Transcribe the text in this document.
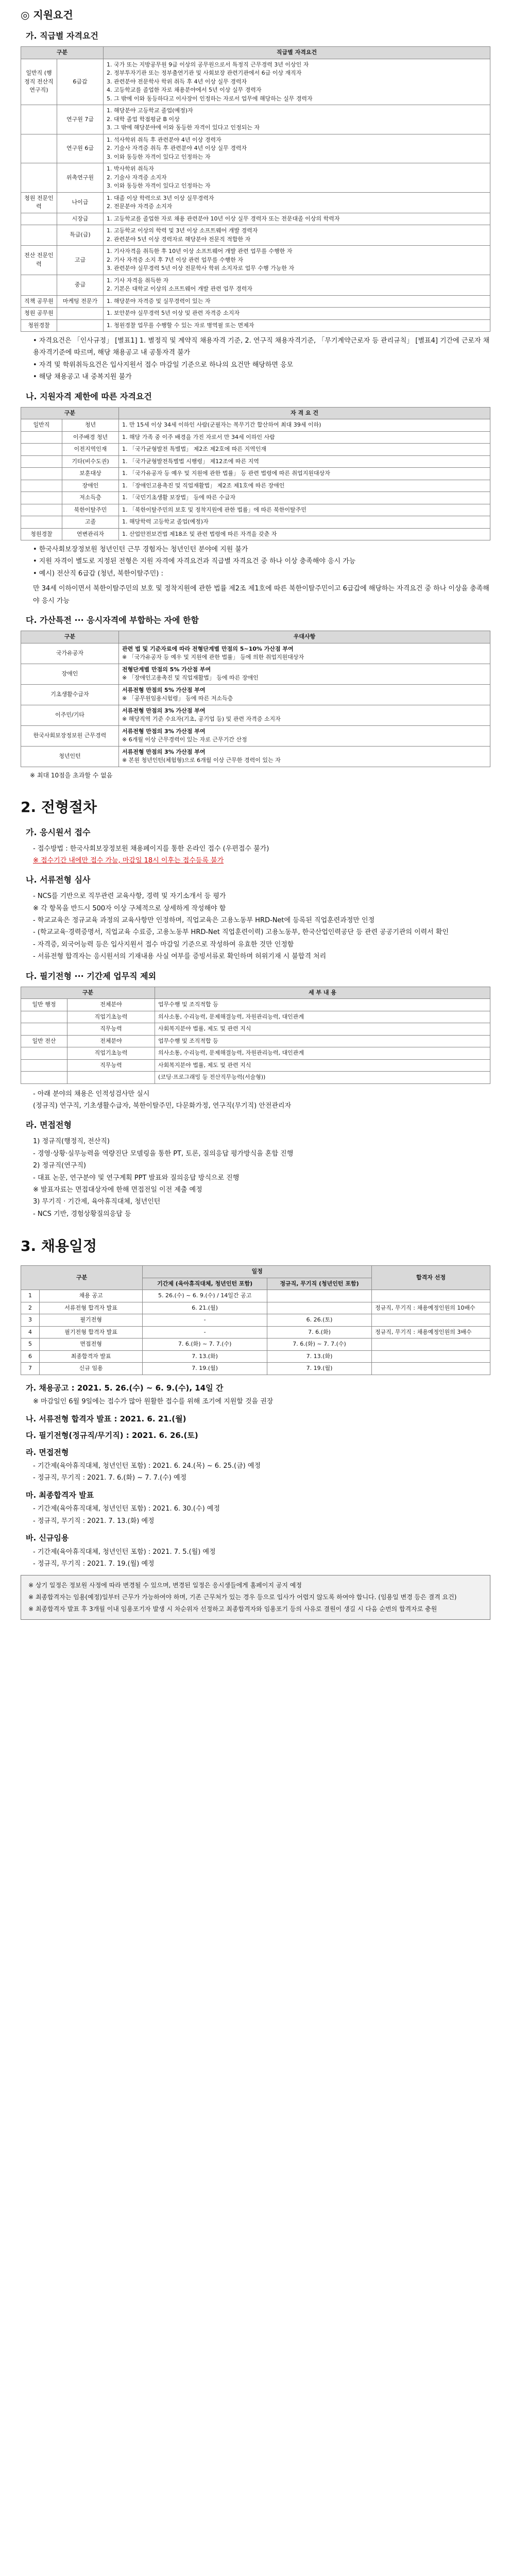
◎ 지원요건
가. 직급별 자격요건
구분		직급별 자격요건
일반직 (행정직 전산직 연구직)	6급갑	1. 국가 또는 지방공무원 9급 이상의 공무원으로서 특정직 근무경력 3년 이상인 자
2. 정부투자기관 또는 정부출연기관 및 사회보장 관련기관에서 6급 이상 재직자
3. 관련분야 전문학사 학위 취득 후 4년 이상 실무 경력자
4. 고등학교를 졸업한 자로 채용분야에서 5년 이상 실무 경력자
5. 그 밖에 이와 동등하다고 이사장이 인정하는 자로서 업무에 해당하는 실무 경력자

	연구원 7급	1. 해당분야 고등학교 졸업(예정)자
2. 대학 졸업 학점평균 B 이상
3. 그 밖에 해당분야에 이와 동등한 자격이 있다고 인정되는 자

	연구원 6급	1. 석사학위 취득 후 관련분야 4년 이상 경력자
2. 기술사 자격증 취득 후 관련분야 4년 이상 실무 경력자
3. 이와 동등한 자격이 있다고 인정하는 자

	위촉연구원	1. 박사학위 취득자
2. 기술사 자격증 소지자
3. 이와 동등한 자격이 있다고 인정하는 자

청원 전문인력	나이급	1. 대졸 이상 학력으로 3년 이상 실무경력자
2. 전문분야 자격증 소지자

	시장급	1. 고등학교를 졸업한 자로 채용 관련분야 10년 이상 실무 경력자 또는 전문대졸 이상의 학력자

	특급(급)	1. 고등학교 이상의 학력 및 3년 이상 소프트웨어 개발 경력자
2. 관련분야 5년 이상 경력자로 해당분야 전문직 적합한 자

전산 전문인력	고급	1. 기사자격을 취득한 후 10년 이상 소프트웨어 개발 관련 업무를 수행한 자
2. 기사 자격증 소지 후 7년 이상 관련 업무를 수행한 자
3. 관련분야 실무경력 5년 이상 전문학사 학위 소지자로 업무 수행 가능한 자

	중급	1. 기사 자격을 취득한 자
2. 기본은 대학교 이상의 소프트웨어 개발 관련 업무 경력자

직책 공무원	마케팅 전문가	1. 해당분야 자격증 및 실무경력이 있는 자

청원 공무원		1. 보안분야 실무경력 5년 이상 및 관련 자격증 소지자

청원경찰		1. 청원경찰 업무를 수행할 수 있는 자로 병역필 또는 면제자
• 자격요건은 「인사규정」 [별표1] 1. 별정직 및 계약직 채용자격 기준, 2. 연구직 채용자격기준, 「무기계약근로자 등 관리규칙」 [별표4] 기간에 근로자 채용자격기준에 따르며, 해당 채용공고 내 공통자격 불가
• 자격 및 학위취득요건은 입사지원서 접수 마감일 기준으로 하나의 요건만 해당하면 응모
• 해당 채용공고 내 중복지원 불가
나. 지원자격 제한에 따른 자격요건
구분		자 격 요 건
일반직	청년	1. 만 15세 이상 34세 이하인 사람(군필자는 복무기간 합산하여 최대 39세 이하)
	이주배경 청년	1. 해당 가족 중 이주 배경을 가진 자로서 만 34세 이하인 사람
	이전지역인재	1. 「국가균형발전 특별법」 제2조 제2호에 따른 지역인재
	기타(비수도권)	1. 「국가균형발전특별법 시행령」 제12조에 따른 지역
	보훈대상	1. 「국가유공자 등 예우 및 지원에 관한 법률」 등 관련 법령에 따른 취업지원대상자
	장애인	1. 「장애인고용촉진 및 직업재활법」 제2조 제1호에 따른 장애인
	저소득층	1. 「국민기초생활 보장법」 등에 따른 수급자
	북한이탈주민	1. 「북한이탈주민의 보호 및 정착지원에 관한 법률」에 따른 북한이탈주민
	고졸	1. 해당학력 고등학교 졸업(예정)자
청원경찰	연변관리자	1. 산업안전보건법 제18조 및 관련 법령에 따른 자격을 갖춘 자
• 한국사회보장정보원 청년인턴 근무 경험자는 청년인턴 분야에 지원 불가
• 지원 자격이 별도로 지정된 전형은 지원 자격에 자격요건과 직급별 자격요건 중 하나 이상 충족해야 응시 가능
• 예시) 전산직 6급갑 (청년, 북한이탈주민) :
만 34세 이하이면서 북한이탈주민의 보호 및 정착지원에 관한 법률 제2조 제1호에 따른 북한이탈주민이고 6급갑에 해당하는 자격요건 중 하나 이상을 충족해야 응시 가능
다. 가산특전 ··· 응시자격에 부합하는 자에 한함
구분	우대사항
국가유공자	관련 법 및 기준자료에 따라 전형단계별 만점의 5~10% 가산점 부여
※ 「국가유공자 등 예우 및 지원에 관한 법률」 등에 의한 취업지원대상자

장애인	전형단계별 만점의 5% 가산점 부여
※ 「장애인고용촉진 및 직업재활법」 등에 따른 장애인

기초생활수급자	서류전형 만점의 5% 가산점 부여
※ 「공무원임용시험령」 등에 따른 저소득층

이주민/기타	서류전형 만점의 3% 가산점 부여
※ 해당직역 기준 수요자(기초, 공기업 등) 및 관련 자격증 소지자

한국사회보장정보원 근무경력	서류전형 만점의 3% 가산점 부여
※ 6개월 이상 근무경력이 있는 자로 근무기간 산정

청년인턴	서류전형 만점의 3% 가산점 부여
※ 본원 청년인턴(체험형)으로 6개월 이상 근무한 경력이 있는 자
※ 최대 10점을 초과할 수 없음
2. 전형절차
가. 응시원서 접수
- 접수방법 : 한국사회보장정보원 채용페이지를 통한 온라인 접수 (우편접수 불가)
※ 접수기간 내에만 접수 가능, 마감일 18시 이후는 접수등록 불가
나. 서류전형 심사
- NCS를 기반으로 직무관련 교육사항, 경력 및 자기소개서 등 평가
※ 각 항목을 반드시 500자 이상 구체적으로 상세하게 작성해야 함
- 학교교육은 정규교육 과정의 교육사항만 인정하며, 직업교육은 고용노동부 HRD-Net에 등록된 직업훈련과정만 인정
- (학교교육·경력증명서, 직업교육 수료증, 고용노동부 HRD-Net 직업훈련이력) 고용노동부, 한국산업인력공단 등 관련 공공기관의 이력서 확인
- 자격증, 외국어능력 등은 입사지원서 접수 마감일 기준으로 작성하여 유효한 것만 인정함
- 서류전형 합격자는 응시원서의 기재내용 사실 여부를 증빙서류로 확인하며 허위기재 시 불합격 처리
다. 필기전형 ··· 기간제 업무직 제외
구분		세 부 내 용
일반 행정	전체분야	업무수행 및 조직적합 등
	직업기초능력	의사소통, 수리능력, 문제해결능력, 자원관리능력, 대인관계
	직무능력	사회복지분야 법률, 제도 및 관련 지식
일반 전산	전체분야	업무수행 및 조직적합 등
	직업기초능력	의사소통, 수리능력, 문제해결능력, 자원관리능력, 대인관계
	직무능력	사회복지분야 법률, 제도 및 관련 지식
		(코딩·프로그래밍 등 전산직무능력(서술형))
- 아래 분야의 채용은 인적성검사만 실시
(정규직) 연구직, 기초생활수급자, 북한이탈주민, 다문화가정, 연구직(무기직) 안전관리자
라. 면접전형
1) 정규직(행정직, 전산직)
- 경영·상황·실무능력을 역량진단 모델링을 통한 PT, 토론, 질의응답 평가방식을 혼합 진행
2) 정규직(연구직)
- 대표 논문, 연구분야 및 연구계획 PPT 발표와 질의응답 방식으로 진행
※ 발표자료는 면접대상자에 한해 면접전일 이전 제출 예정
3) 무기직 · 기간제, 육아휴직대체, 청년인턴
- NCS 기반, 경험상황질의응답 등
3. 채용일정
구분		일정		합격자 선정
		기간제 (육아휴직대체, 청년인턴 포함)	정규직, 무기직 (청년인턴 포함)	
1	채용 공고	5. 26.(수) ~ 6. 9.(수) / 14일간 공고		
2	서류전형 합격자 발표	6. 21.(월)		정규직, 무기직 : 채용예정인원의 10배수
3	필기전형	-	6. 26.(토)	
4	필기전형 합격자 발표	-	7. 6.(화)	정규직, 무기직 : 채용예정인원의 3배수
5	면접전형	7. 6.(화) ~ 7. 7.(수)	7. 6.(화) ~ 7. 7.(수)	
6	최종합격자 발표	7. 13.(화)	7. 13.(화)	
7	신규 임용	7. 19.(월)	7. 19.(월)	
가. 채용공고 : 2021. 5. 26.(수) ~ 6. 9.(수), 14일 간
※ 마감일인 6월 9일에는 접수가 많아 원활한 접수를 위해 조기에 지원할 것을 권장
나. 서류전형 합격자 발표 : 2021. 6. 21.(월)
다. 필기전형(정규직/무기직) : 2021. 6. 26.(토)
라. 면접전형
- 기간제(육아휴직대체, 청년인턴 포함) : 2021. 6. 24.(목) ~ 6. 25.(금) 예정
- 정규직, 무기직 : 2021. 7. 6.(화) ~ 7. 7.(수) 예정
마. 최종합격자 발표
- 기간제(육아휴직대체, 청년인턴 포함) : 2021. 6. 30.(수) 예정
- 정규직, 무기직 : 2021. 7. 13.(화) 예정
바. 신규임용
- 기간제(육아휴직대체, 청년인턴 포함) : 2021. 7. 5.(월) 예정
- 정규직, 무기직 : 2021. 7. 19.(월) 예정
※ 상기 일정은 정보원 사정에 따라 변경될 수 있으며, 변경된 일정은 응시생들에게 홈페이지 공지 예정
※ 최종합격자는 임용(예정)일부터 근무가 가능하여야 하며, 기존 근무처가 있는 경우 등으로 입사가 어렵지 않도록 하여야 합니다. (임용일 변경 등은 결격 요건)
※ 최종합격자 발표 후 3개월 이내 임용포기자 발생 시 차순위자 선정하고 최종합격자와 임용포기 등의 사유로 결원이 생길 시 다음 순번의 합격자로 충원
